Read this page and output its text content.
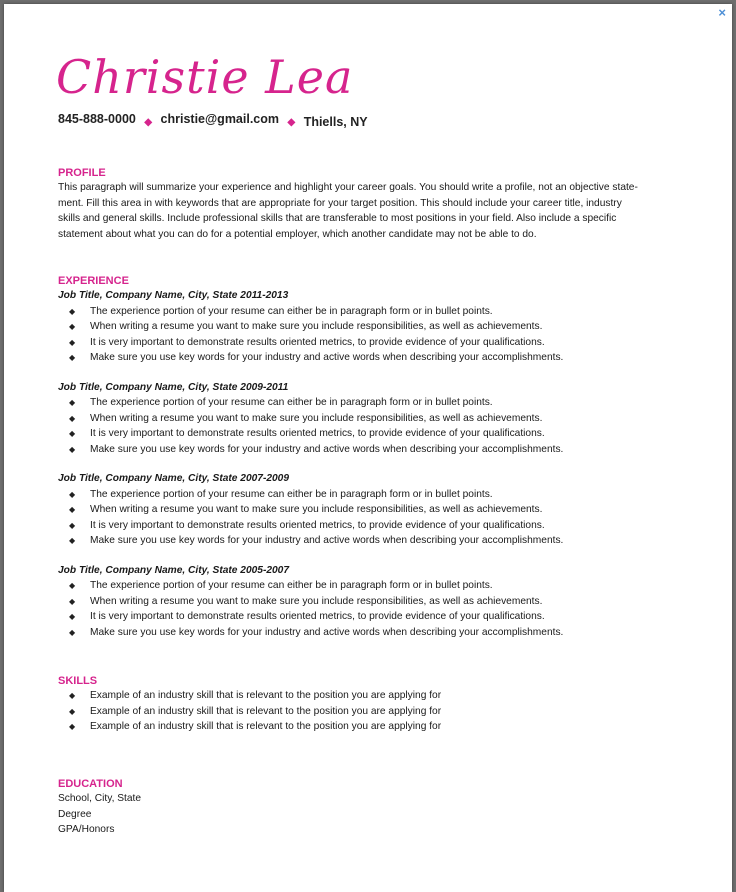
×
Christie Lea
845-888-0000 ◆ christie@gmail.com ◆ Thiells, NY
PROFILE

This paragraph will summarize your experience and highlight your career goals. You should write a profile, not an objective state-

ment. Fill this area in with keywords that are appropriate for your target position. This should include your career title, industry

skills and general skills. Include professional skills that are transferable to most positions in your field. Also include a specific

statement about what you can do for a potential employer, which another candidate may not be able to do.

EXPERIENCE

Job Title, Company Name, City, State 2011-2013

◆ The experience portion of your resume can either be in paragraph form or in bullet points.
◆ When writing a resume you want to make sure you include responsibilities, as well as achievements.
◆ It is very important to demonstrate results oriented metrics, to provide evidence of your qualifications.
◆ Make sure you use key words for your industry and active words when describing your accomplishments.

Job Title, Company Name, City, State 2009-2011

◆ The experience portion of your resume can either be in paragraph form or in bullet points.
◆ When writing a resume you want to make sure you include responsibilities, as well as achievements.
◆ It is very important to demonstrate results oriented metrics, to provide evidence of your qualifications.
◆ Make sure you use key words for your industry and active words when describing your accomplishments.

Job Title, Company Name, City, State 2007-2009

◆ The experience portion of your resume can either be in paragraph form or in bullet points.
◆ When writing a resume you want to make sure you include responsibilities, as well as achievements.
◆ It is very important to demonstrate results oriented metrics, to provide evidence of your qualifications.
◆ Make sure you use key words for your industry and active words when describing your accomplishments.

Job Title, Company Name, City, State 2005-2007

◆ The experience portion of your resume can either be in paragraph form or in bullet points.
◆ When writing a resume you want to make sure you include responsibilities, as well as achievements.
◆ It is very important to demonstrate results oriented metrics, to provide evidence of your qualifications.
◆ Make sure you use key words for your industry and active words when describing your accomplishments.
SKILLS
◆ Example of an industry skill that is relevant to the position you are applying for
◆ Example of an industry skill that is relevant to the position you are applying for
◆ Example of an industry skill that is relevant to the position you are applying for
EDUCATION

School, City, State

Degree

GPA/Honors
